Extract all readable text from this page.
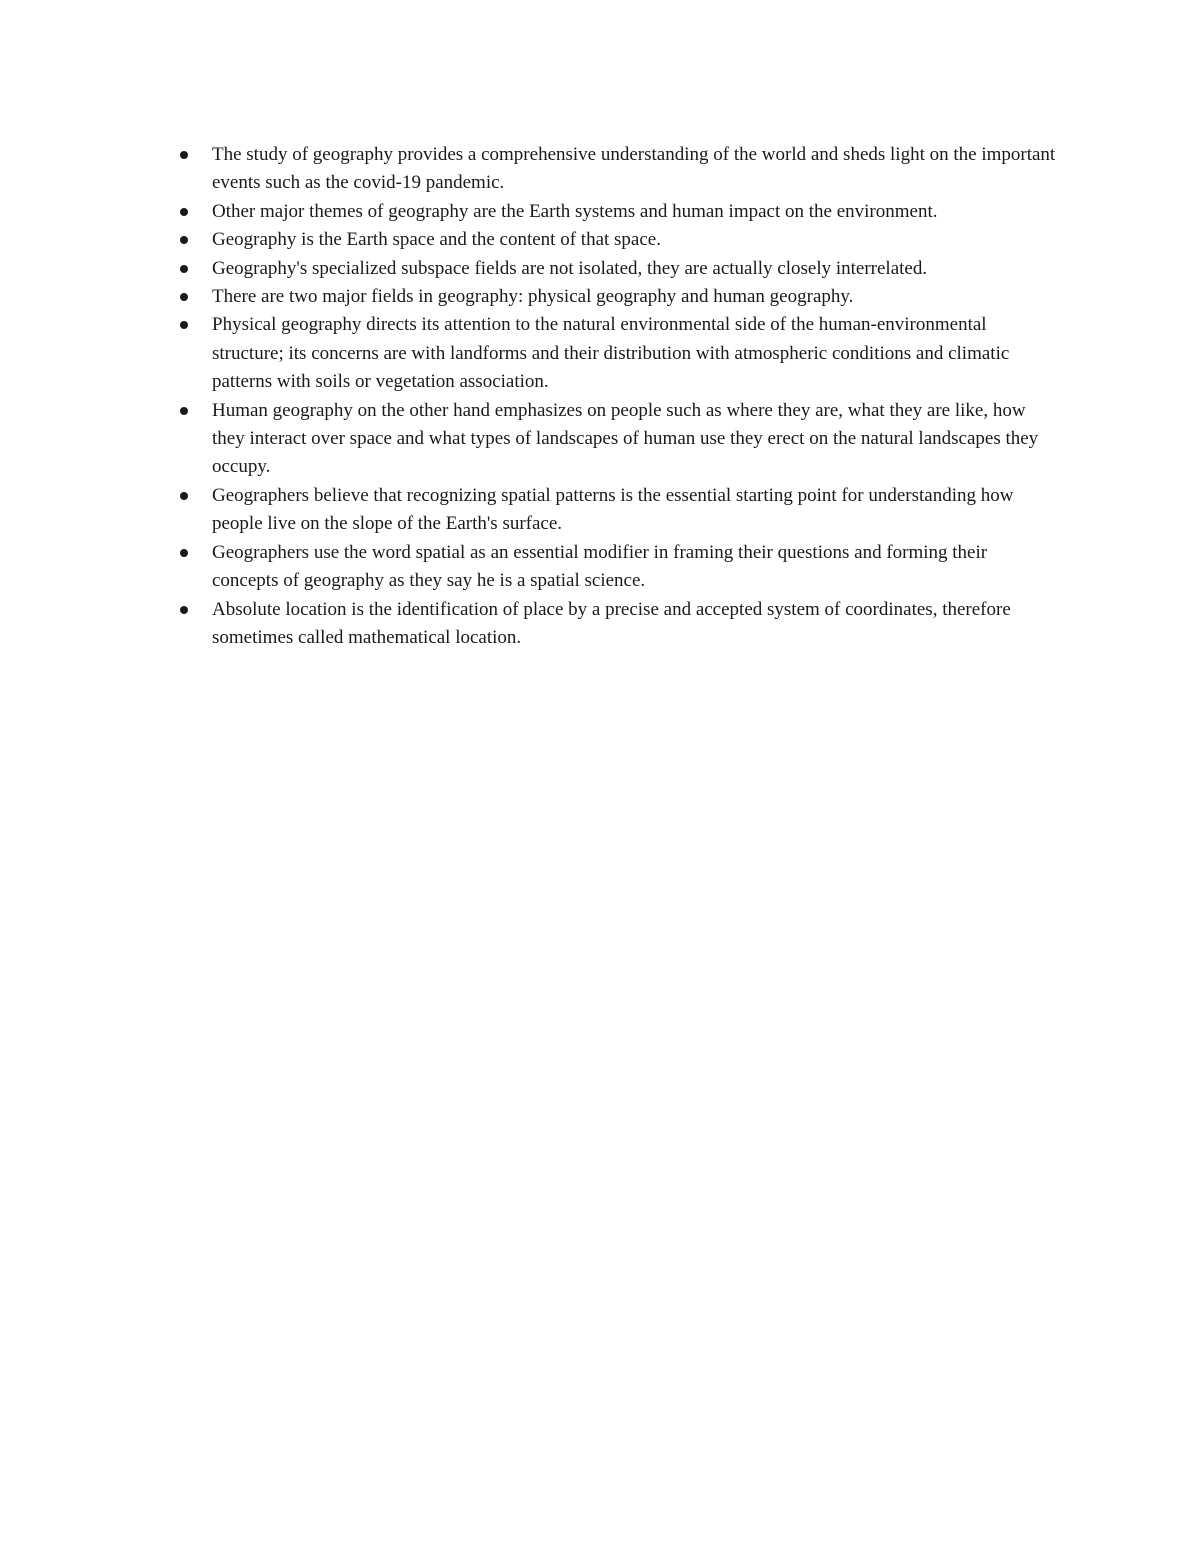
The study of geography provides a comprehensive understanding of the world and sheds light on the important events such as the covid-19 pandemic.
Other major themes of geography are the Earth systems and human impact on the environment.
Geography is the Earth space and the content of that space.
Geography's specialized subspace fields are not isolated, they are actually closely interrelated.
There are two major fields in geography: physical geography and human geography.
Physical geography directs its attention to the natural environmental side of the human-environmental structure; its concerns are with landforms and their distribution with atmospheric conditions and climatic patterns with soils or vegetation association.
Human geography on the other hand emphasizes on people such as where they are, what they are like, how they interact over space and what types of landscapes of human use they erect on the natural landscapes they occupy.
Geographers believe that recognizing spatial patterns is the essential starting point for understanding how people live on the slope of the Earth's surface.
Geographers use the word spatial as an essential modifier in framing their questions and forming their concepts of geography as they say he is a spatial science.
Absolute location is the identification of place by a precise and accepted system of coordinates, therefore sometimes called mathematical location.
